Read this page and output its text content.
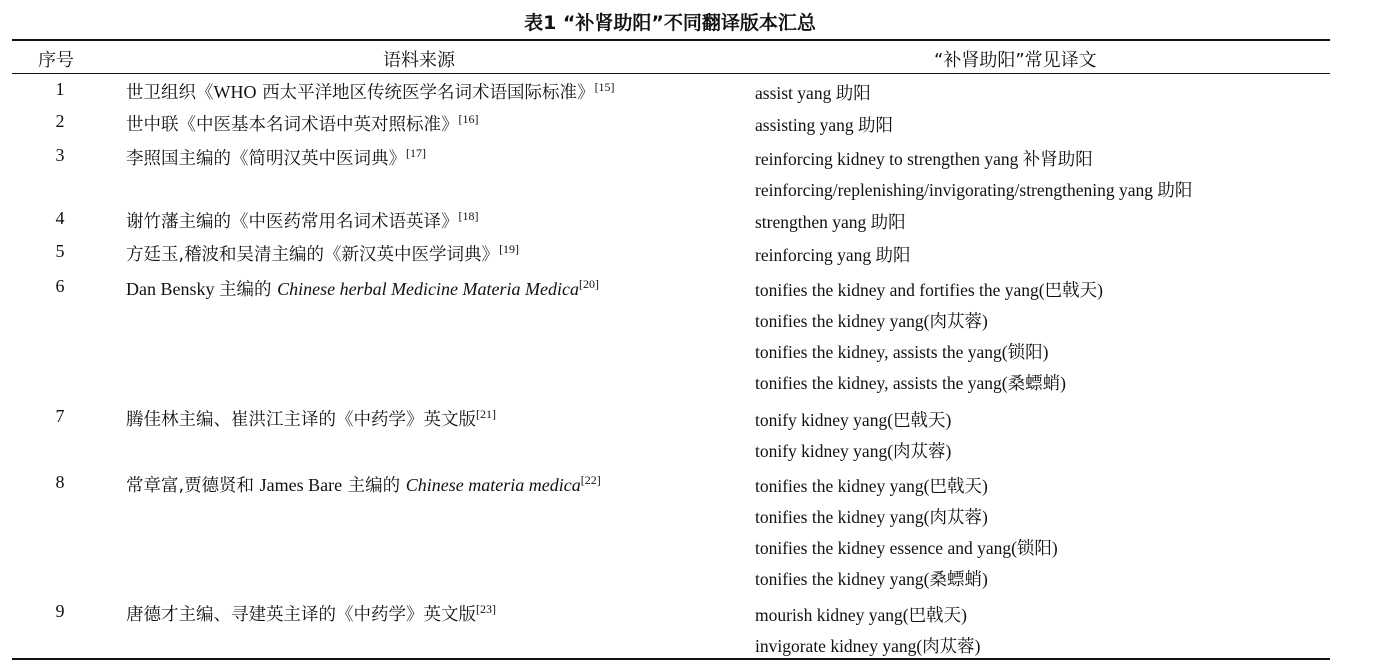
表1 “补肾助阳”不同翻译版本汇总
序号	语料来源	“补肾助阳”常见译文
1	世卫组织《WHO 西太平洋地区传统医学名词术语国际标准》[15]	assist yang 助阳
2	世中联《中医基本名词术语中英对照标准》[16]	assisting yang 助阳
3	李照国主编的《简明汉英中医词典》[17]	reinforcing kidney to strengthen yang 补肾助阳
reinforcing/replenishing/invigorating/strengthening yang 助阳
4	谢竹藩主编的《中医药常用名词术语英译》[18]	strengthen yang 助阳
5	方廷玉,稽波和吴清主编的《新汉英中医学词典》[19]	reinforcing yang 助阳
6	Dan Bensky 主编的 Chinese herbal Medicine Materia Medica[20]	tonifies the kidney and fortifies the yang(巴戟天)
tonifies the kidney yang(肉苁蓉)
tonifies the kidney, assists the yang(锁阳)
tonifies the kidney, assists the yang(桑螵蛸)
7	腾佳林主编、崔洪江主译的《中药学》英文版[21]	tonify kidney yang(巴戟天)
tonify kidney yang(肉苁蓉)
8	常章富,贾德贤和 James Bare 主编的 Chinese materia medica[22]	tonifies the kidney yang(巴戟天)
tonifies the kidney yang(肉苁蓉)
tonifies the kidney essence and yang(锁阳)
tonifies the kidney yang(桑螵蛸)
9	唐德才主编、寻建英主译的《中药学》英文版[23]	mourish kidney yang(巴戟天)
invigorate kidney yang(肉苁蓉)
